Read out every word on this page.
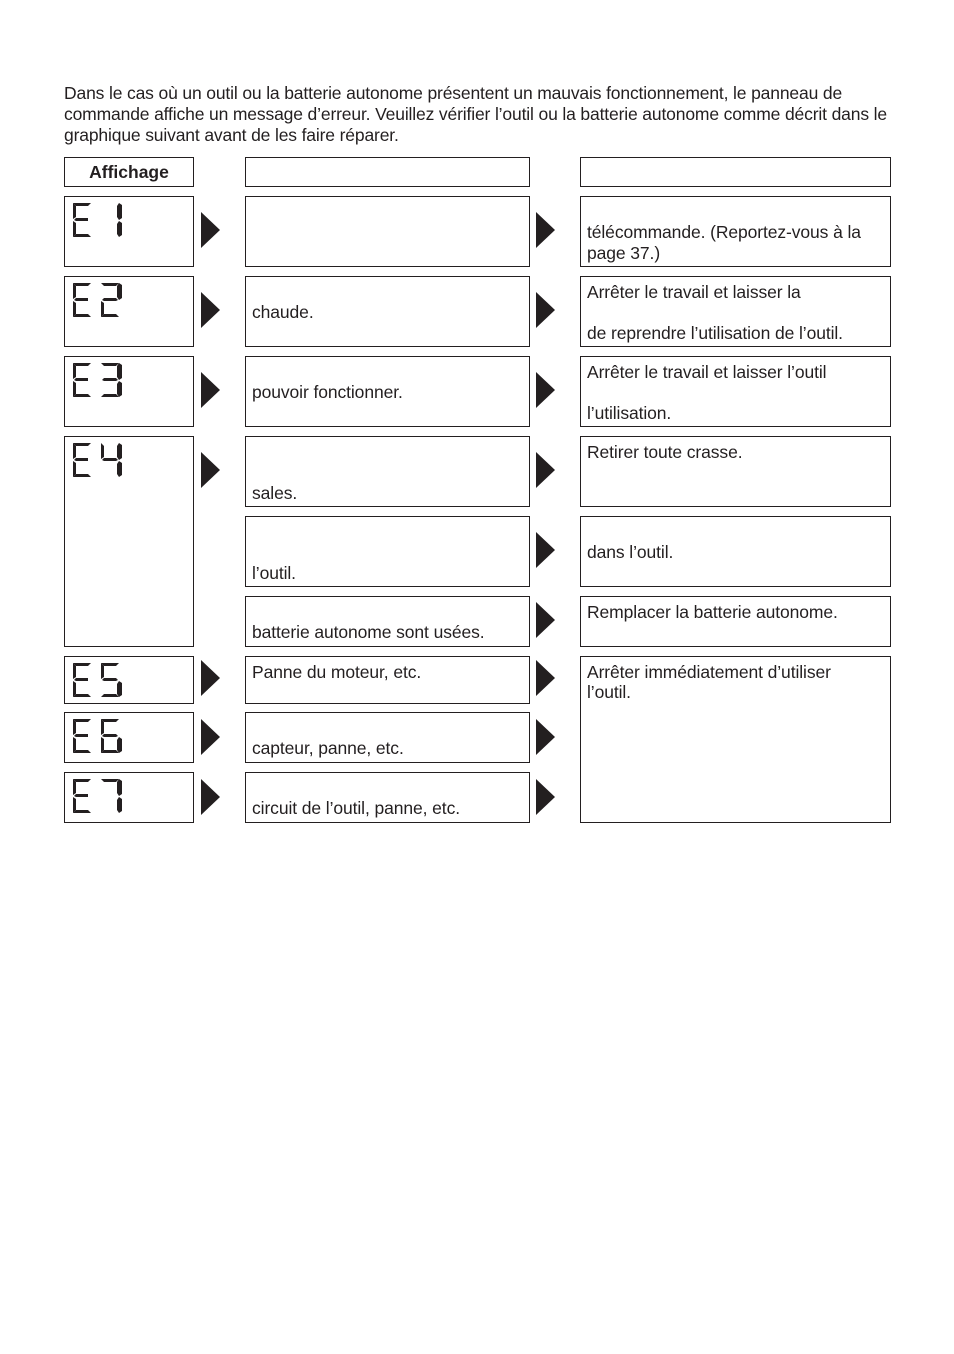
Dans le cas où un outil ou la batterie autonome présentent un mauvais fonctionnement, le panneau de commande affiche un message d’erreur. Veuillez vérifier l’outil ou la batterie autonome comme décrit dans le graphique suivant avant de les faire réparer.
Affichage
chaude.
pouvoir fonctionner.
sales.
l’outil.
batterie autonome sont usées.
Panne du moteur, etc.
capteur, panne, etc.
circuit de l’outil, panne, etc.
télécommande. (Reportez-vous à la page 37.)
Arrêter le travail et laisser la
de reprendre l’utilisation de l’outil.
Arrêter le travail et laisser l’outil
l’utilisation.
Retirer toute crasse.
dans l’outil.
Remplacer la batterie autonome.
Arrêter immédiatement d’utiliser l’outil.
